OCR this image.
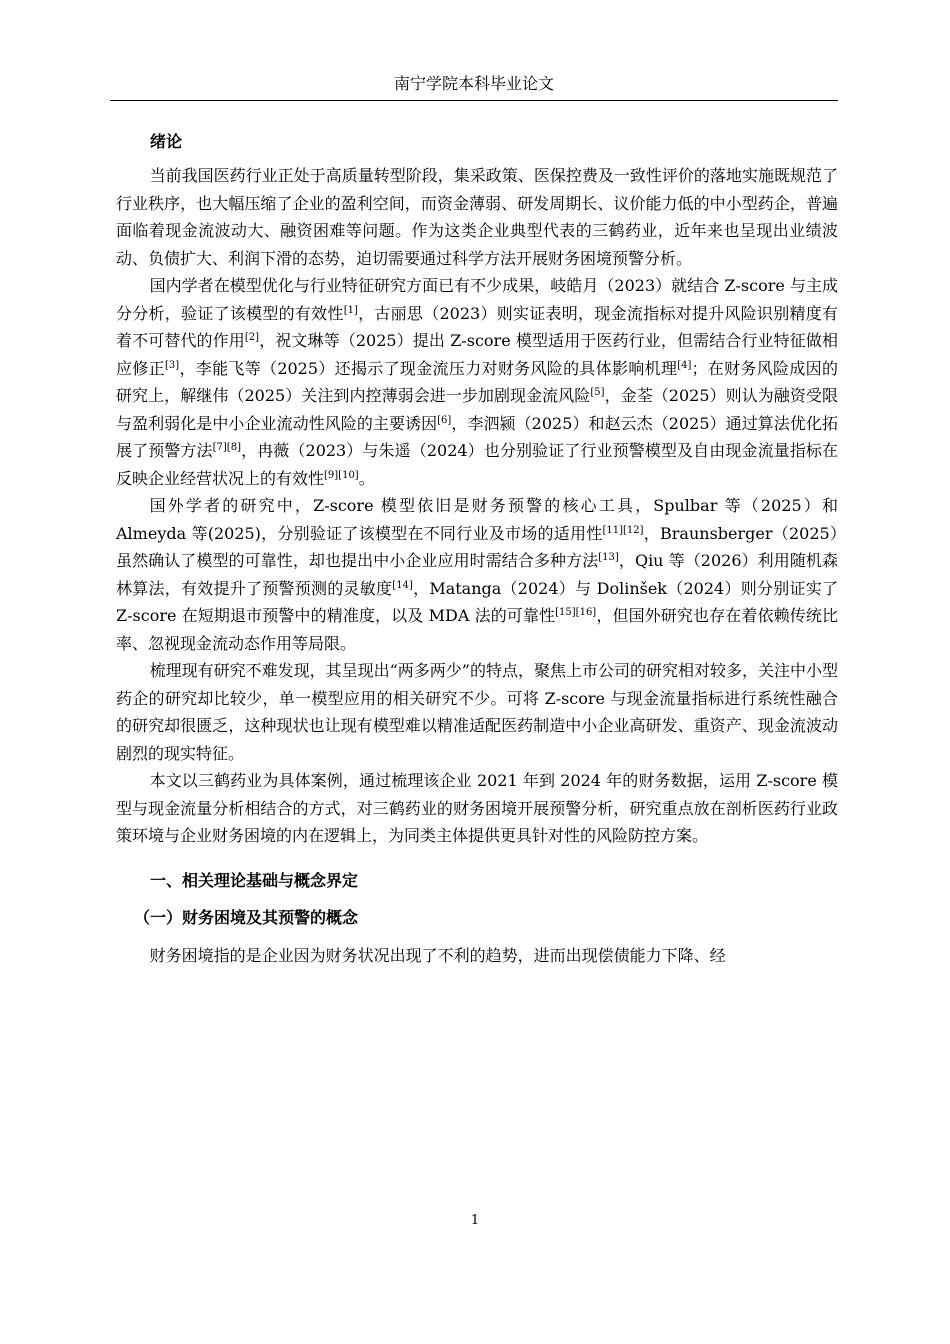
南宁学院本科毕业论文
绪论

当前我国医药行业正处于高质量转型阶段，集采政策、医保控费及一致性评价的落地实施既规范了行业秩序，也大幅压缩了企业的盈利空间，而资金薄弱、研发周期长、议价能力低的中小型药企，普遍面临着现金流波动大、融资困难等问题。作为这类企业典型代表的三鹤药业，近年来也呈现出业绩波动、负债扩大、利润下滑的态势，迫切需要通过科学方法开展财务困境预警分析。

国内学者在模型优化与行业特征研究方面已有不少成果，岐皓月（2023）就结合 Z-score 与主成分分析，验证了该模型的有效性[1]，古丽思（2023）则实证表明，现金流指标对提升风险识别精度有着不可替代的作用[2]，祝文琳等（2025）提出 Z-score 模型适用于医药行业，但需结合行业特征做相应修正[3]，李能飞等（2025）还揭示了现金流压力对财务风险的具体影响机理[4]；在财务风险成因的研究上，解继伟（2025）关注到内控薄弱会进一步加剧现金流风险[5]，金荃（2025）则认为融资受限与盈利弱化是中小企业流动性风险的主要诱因[6]，李泗颍（2025）和赵云杰（2025）通过算法优化拓展了预警方法[7][8]，冉薇（2023）与朱遥（2024）也分别验证了行业预警模型及自由现金流量指标在反映企业经营状况上的有效性[9][10]。

国外学者的研究中，Z-score 模型依旧是财务预警的核心工具，Spulbar 等（2025）和 Almeyda 等(2025)，分别验证了该模型在不同行业及市场的适用性[11][12]，Braunsberger（2025）虽然确认了模型的可靠性，却也提出中小企业应用时需结合多种方法[13]，Qiu 等（2026）利用随机森林算法，有效提升了预警预测的灵敏度[14]，Matanga（2024）与 Dolinšek（2024）则分别证实了 Z-score 在短期退市预警中的精准度，以及 MDA 法的可靠性[15][16]，但国外研究也存在着依赖传统比率、忽视现金流动态作用等局限。

梳理现有研究不难发现，其呈现出“两多两少”的特点，聚焦上市公司的研究相对较多，关注中小型药企的研究却比较少，单一模型应用的相关研究不少。可将 Z-score 与现金流量指标进行系统性融合的研究却很匮乏，这种现状也让现有模型难以精准适配医药制造中小企业高研发、重资产、现金流波动剧烈的现实特征。

本文以三鹤药业为具体案例，通过梳理该企业 2021 年到 2024 年的财务数据，运用 Z-score 模型与现金流量分析相结合的方式，对三鹤药业的财务困境开展预警分析，研究重点放在剖析医药行业政策环境与企业财务困境的内在逻辑上，为同类主体提供更具针对性的风险防控方案。

一、相关理论基础与概念界定
（一）财务困境及其预警的概念

财务困境指的是企业因为财务状况出现了不利的趋势，进而出现偿债能力下降、经

1
